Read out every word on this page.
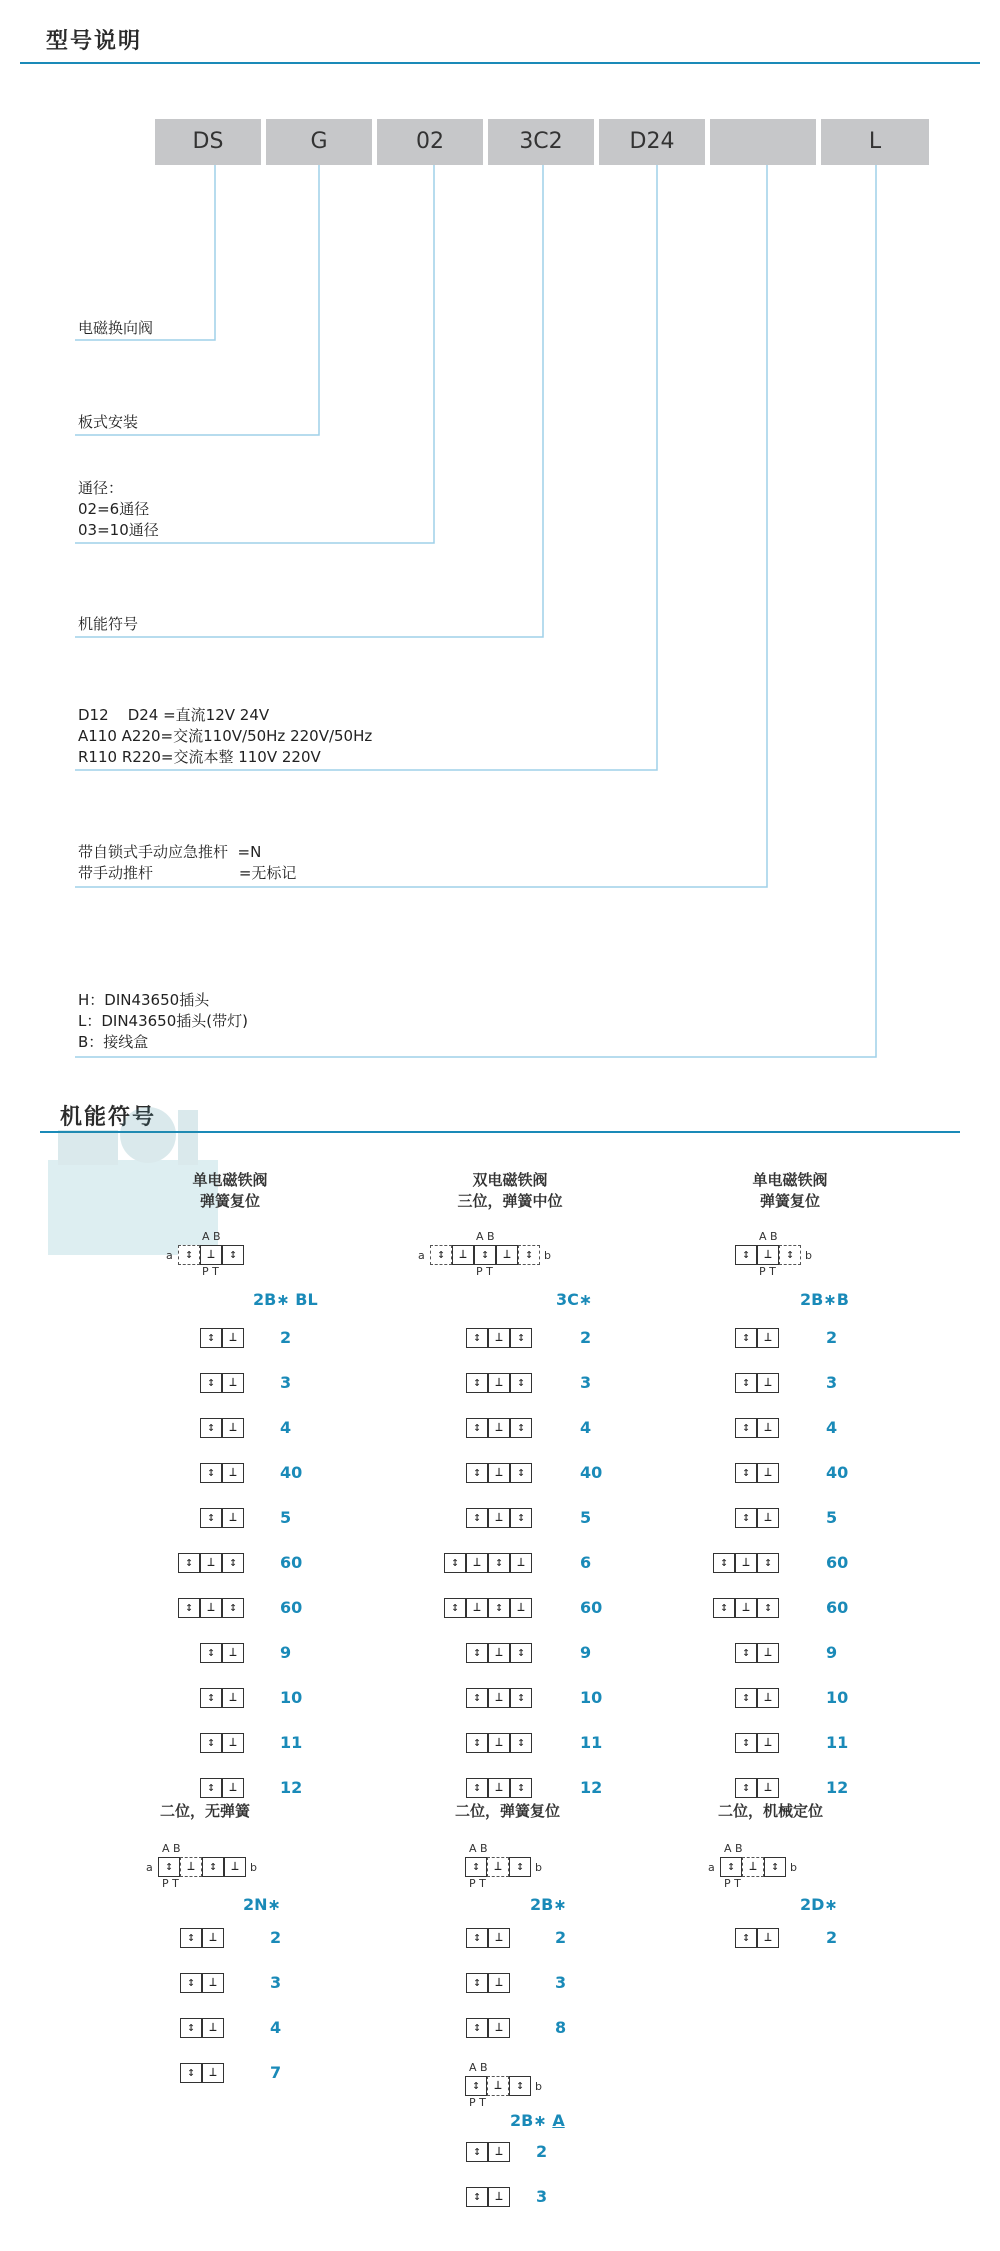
型号说明
DS	G	02	3C2	D24	L
电磁换向阀
板式安装
通径：
02=6通径
03=10通径
机能符号
D12    D24 =直流12V 24V
A110 A220=交流110V/50Hz 220V/50Hz
R110 R220=交流本整 110V 220V
带自锁式手动应急推杆  =N
带手动推杆                  =无标记
H：DIN43650插头
L：DIN43650插头(带灯)
B：接线盒
机能符号
单电磁铁阀
弹簧复位
双电磁铁阀
三位，弹簧中位
单电磁铁阀
弹簧复位
↕	⊥	↕
A B
P T
a	↕	⊥	↕	⊥	↕
A B
P T
a	b	↕	⊥	↕
A B
P T
b
2B∗ BL	3C∗	2B∗B
↕	⊥	2
↕	⊥	3
↕	⊥	4
↕	⊥	40
↕	⊥	5
↕	⊥	↕	60
↕	⊥	↕	60
↕	⊥	9
↕	⊥	10
↕	⊥	11
↕	⊥	12
↕	⊥	↕	2
↕	⊥	↕	3
↕	⊥	↕	4
↕	⊥	↕	40
↕	⊥	↕	5
↕	⊥	↕	⊥	6
↕	⊥	↕	⊥	60
↕	⊥	↕	9
↕	⊥	↕	10
↕	⊥	↕	11
↕	⊥	↕	12
↕	⊥	2
↕	⊥	3
↕	⊥	4
↕	⊥	40
↕	⊥	5
↕	⊥	↕	60
↕	⊥	↕	60
↕	⊥	9
↕	⊥	10
↕	⊥	11
↕	⊥	12
二位，无弹簧	二位，弹簧复位	二位，机械定位
2N∗	2B∗	2D∗
2B∗ A
↕	⊥	↕	⊥
A B
P T
a	b	↕	⊥	↕
A B
P T
b	↕	⊥	↕
A B
P T
a	b
↕	⊥	↕
A B
P T
b
↕	⊥	2
↕	⊥	3
↕	⊥	4
↕	⊥	7
↕	⊥	2
↕	⊥	3
↕	⊥	8
↕	⊥	2
↕	⊥	2
↕	⊥	3
